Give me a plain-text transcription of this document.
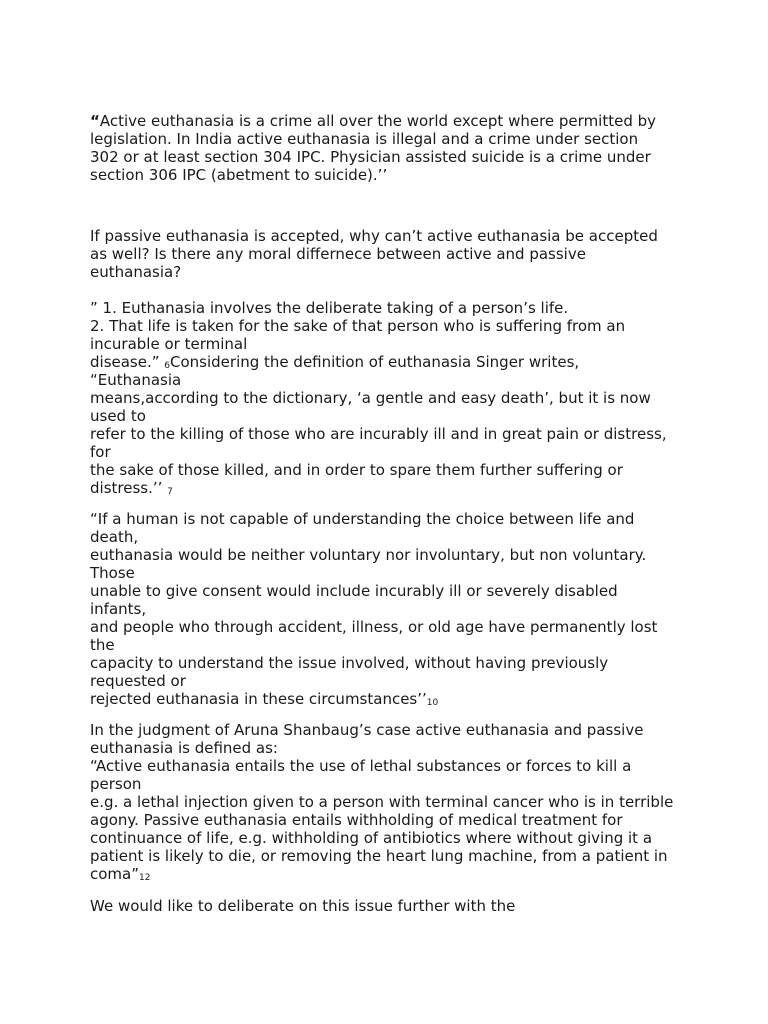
“Active euthanasia is a crime all over the world except where permitted by
legislation. In India active euthanasia is illegal and a crime under section
302 or at least section 304 IPC. Physician assisted suicide is a crime under
section 306 IPC (abetment to suicide).’’
If passive euthanasia is accepted, why can’t active euthanasia be accepted
as well? Is there any moral differnece between active and passive
euthanasia?
” 1. Euthanasia involves the deliberate taking of a person’s life.
2. That life is taken for the sake of that person who is suffering from an
incurable or terminal
disease.” 6Considering the definition of euthanasia Singer writes,
“Euthanasia
means,according to the dictionary, ‘a gentle and easy death’, but it is now
used to
refer to the killing of those who are incurably ill and in great pain or distress,
for
the sake of those killed, and in order to spare them further suffering or
distress.’’ 7
“If a human is not capable of understanding the choice between life and
death,
euthanasia would be neither voluntary nor involuntary, but non voluntary.
Those
unable to give consent would include incurably ill or severely disabled
infants,
and people who through accident, illness, or old age have permanently lost
the
capacity to understand the issue involved, without having previously
requested or
rejected euthanasia in these circumstances’’10
In the judgment of Aruna Shanbaug’s case active euthanasia and passive
euthanasia is defined as:
“Active euthanasia entails the use of lethal substances or forces to kill a
person
e.g. a lethal injection given to a person with terminal cancer who is in terrible
agony. Passive euthanasia entails withholding of medical treatment for
continuance of life, e.g. withholding of antibiotics where without giving it a
patient is likely to die, or removing the heart lung machine, from a patient in
coma”12
We would like to deliberate on this issue further with the
